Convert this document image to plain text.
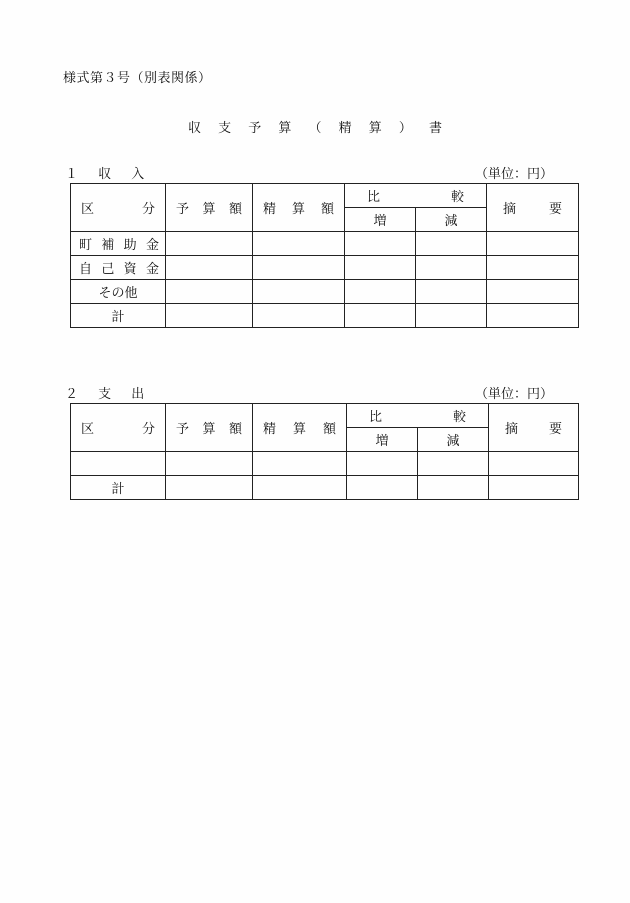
様式第３号（別表関係）
収 支 予 算 （ 精 算 ） 書
１ 収 入	（単位：円）
区　分	予 算 額	精 算 額	比　較		摘　要
			増	減	
町補助金					
自己資金					
その他					
計					
２ 支 出	（単位：円）
区　分	予 算 額	精 算 額	比　較		摘　要
			増	減	

計					
